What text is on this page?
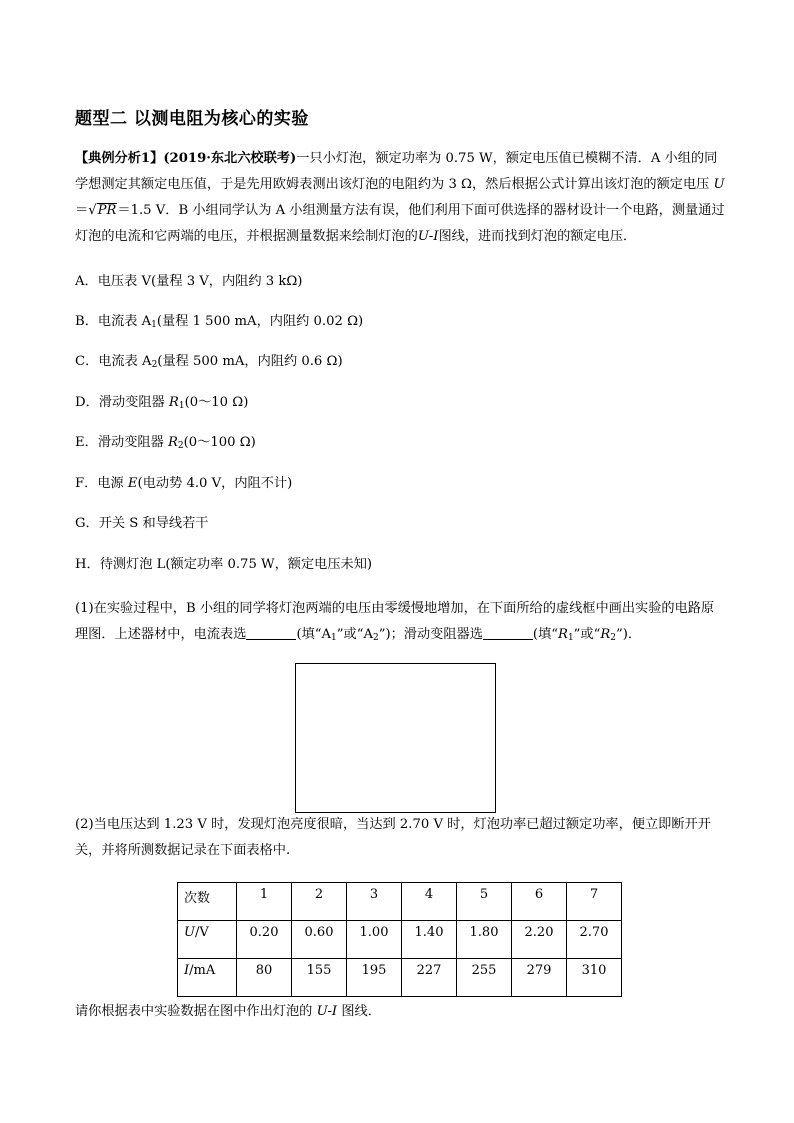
题型二 以测电阻为核心的实验
【典例分析1】(2019·东北六校联考)一只小灯泡，额定功率为 0.75 W，额定电压值已模糊不清．A 小组的同学想测定其额定电压值，于是先用欧姆表测出该灯泡的电阻约为 3 Ω，然后根据公式计算出该灯泡的额定电压 U＝√PR＝1.5 V．B 小组同学认为 A 小组测量方法有误，他们利用下面可供选择的器材设计一个电路，测量通过灯泡的电流和它两端的电压，并根据测量数据来绘制灯泡的U-I图线，进而找到灯泡的额定电压．
A．电压表 V(量程 3 V，内阻约 3 kΩ)
B．电流表 $A_1$(量程 1 500 mA，内阻约 0.02 Ω)
C．电流表 $A_2$(量程 500 mA，内阻约 0.6 Ω)
D．滑动变阻器 $R_1(0\sim 10$ Ω)
E．滑动变阻器 $R_2(0\sim 100$ Ω)
F．电源 E(电动势 4.0 V，内阻不计)
G．开关 S 和导线若干
H．待测灯泡 L(额定功率 0.75 W，额定电压未知)
(1)在实验过程中，B 小组的同学将灯泡两端的电压由零缓慢地增加，在下面所给的虚线框中画出实验的电路原理图．上述器材中，电流表选	(填“$A_1$”或“$A_2$”)；滑动变阻器选	(填“$R_1$”或“$R_2$”)．
(2)当电压达到 1.23 V 时，发现灯泡亮度很暗，当达到 2.70 V 时，灯泡功率已超过额定功率，便立即断开开关，并将所测数据记录在下面表格中.
次数	1	2	3	4	5	6	7
U/V	0.20	0.60	1.00	1.40	1.80	2.20	2.70
I/mA	80	155	195	227	255	279	310
请你根据表中实验数据在图中作出灯泡的 U-I 图线．
